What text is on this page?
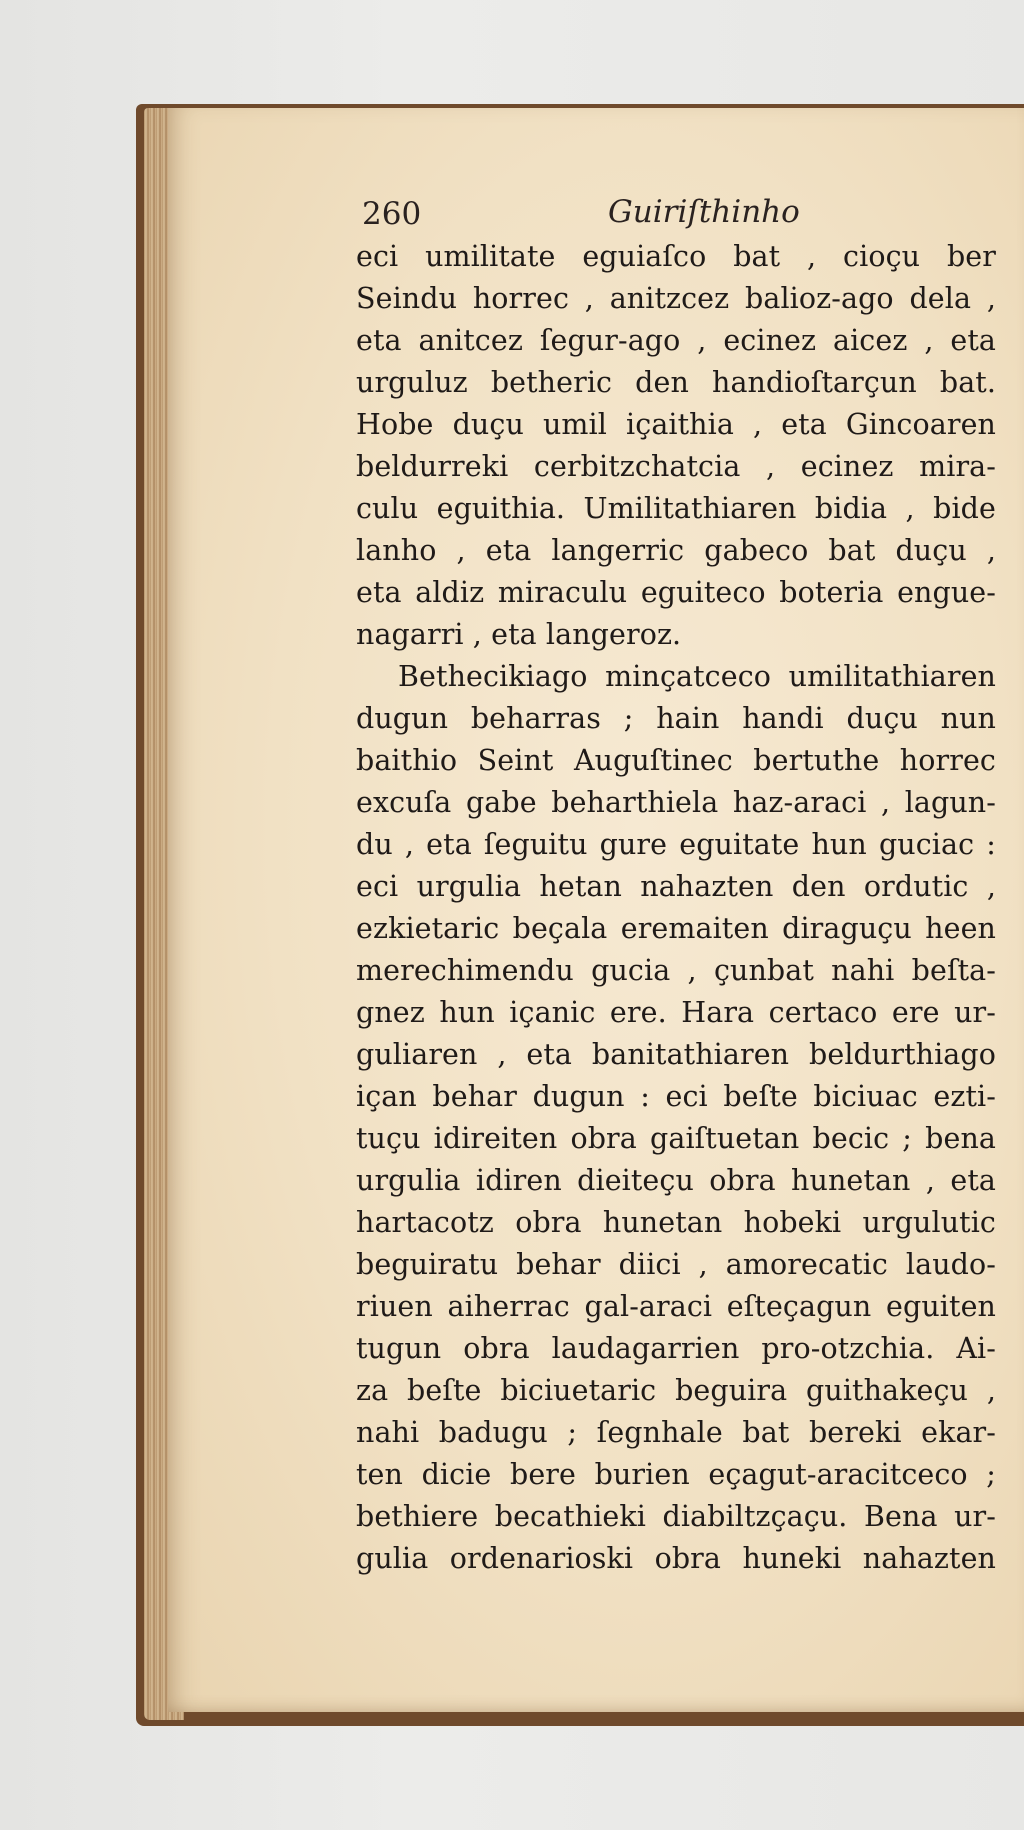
260	Guiriſthinho
eci umilitate eguiaſco bat , cioçu ber
Seindu horrec , anitzcez balioz-ago dela ,
eta anitcez ſegur-ago , ecinez aicez , eta
urguluz betheric den handioſtarçun bat.
Hobe duçu umil içaithia , eta Gincoaren
beldurreki cerbitzchatcia , ecinez mira-
culu eguithia. Umilitathiaren bidia , bide
lanho , eta langerric gabeco bat duçu ,
eta aldiz miraculu eguiteco boteria engue-
nagarri , eta langeroz.
Bethecikiago minçatceco umilitathiaren
dugun beharras ; hain handi duçu nun
baithio Seint Auguſtinec bertuthe horrec
excuſa gabe beharthiela haz-araci , lagun-
du , eta ſeguitu gure eguitate hun guciac :
eci urgulia hetan nahazten den ordutic ,
ezkietaric beçala eremaiten diraguçu heen
merechimendu gucia , çunbat nahi beſta-
gnez hun içanic ere. Hara certaco ere ur-
guliaren , eta banitathiaren beldurthiago
içan behar dugun : eci beſte biciuac ezti-
tuçu idireiten obra gaiſtuetan becic ; bena
urgulia idiren dieiteçu obra hunetan , eta
hartacotz obra hunetan hobeki urgulutic
beguiratu behar diici , amorecatic laudo-
riuen aiherrac gal-araci eſteçagun eguiten
tugun obra laudagarrien pro-otzchia. Ai-
za beſte biciuetaric beguira guithakeçu ,
nahi badugu ; ſegnhale bat bereki ekar-
ten dicie bere burien eçagut-aracitceco ;
bethiere becathieki diabiltzçaçu. Bena ur-
gulia ordenarioski obra huneki nahazten
